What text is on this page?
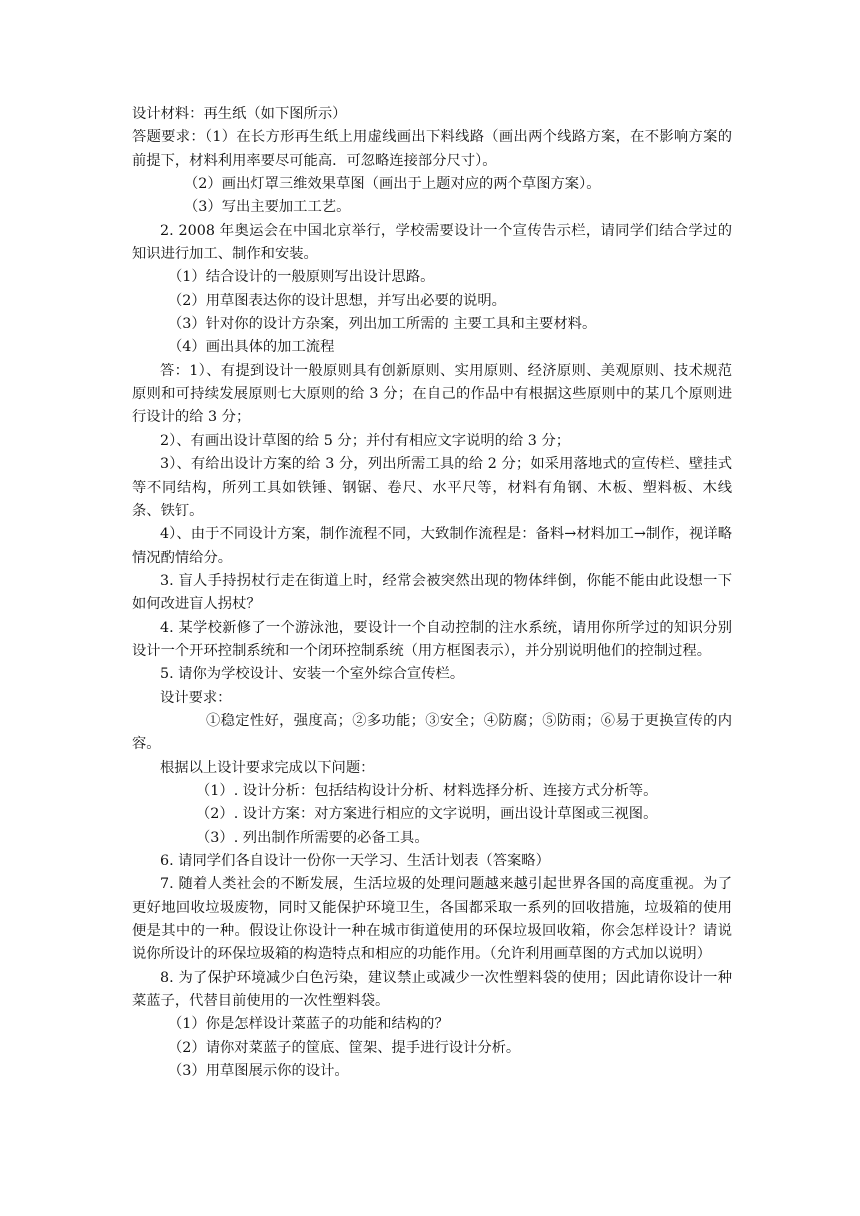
设计材料：再生纸（如下图所示）

答题要求：（1）在长方形再生纸上用虚线画出下料线路（画出两个线路方案，在不影响方案的前提下，材料利用率要尽可能高．可忽略连接部分尺寸）。

（2）画出灯罩三维效果草图（画出于上题对应的两个草图方案）。

（3）写出主要加工工艺。

2. 2008 年奥运会在中国北京举行，学校需要设计一个宣传告示栏，请同学们结合学过的知识进行加工、制作和安装。

（1）结合设计的一般原则写出设计思路。

（2）用草图表达你的设计思想，并写出必要的说明。

（3）针对你的设计方杂案，列出加工所需的 主要工具和主要材料。

（4）画出具体的加工流程

答：1）、有提到设计一般原则具有创新原则、实用原则、经济原则、美观原则、技术规范原则和可持续发展原则七大原则的给 3 分；在自己的作品中有根据这些原则中的某几个原则进行设计的给 3 分；

2）、有画出设计草图的给 5 分；并付有相应文字说明的给 3 分；

3）、有给出设计方案的给 3 分，列出所需工具的给 2 分；如采用落地式的宣传栏、壁挂式等不同结构，所列工具如铁锤、钢锯、卷尺、水平尺等，材料有角钢、木板、塑料板、木线条、铁钉。

4）、由于不同设计方案，制作流程不同，大致制作流程是：备料→材料加工→制作，视详略情况酌情给分。

3. 盲人手持拐杖行走在街道上时，经常会被突然出现的物体绊倒，你能不能由此设想一下如何改进盲人拐杖？

4. 某学校新修了一个游泳池，要设计一个自动控制的注水系统，请用你所学过的知识分别设计一个开环控制系统和一个闭环控制系统（用方框图表示），并分别说明他们的控制过程。

5. 请你为学校设计、安装一个室外综合宣传栏。

设计要求：

①稳定性好，强度高；②多功能；③安全；④防腐；⑤防雨；⑥易于更换宣传的内容。

根据以上设计要求完成以下问题：

（1）. 设计分析：包括结构设计分析、材料选择分析、连接方式分析等。

（2）. 设计方案：对方案进行相应的文字说明，画出设计草图或三视图。

（3）. 列出制作所需要的必备工具。

6. 请同学们各自设计一份你一天学习、生活计划表（答案略）

7. 随着人类社会的不断发展，生活垃圾的处理问题越来越引起世界各国的高度重视。为了更好地回收垃圾废物，同时又能保护环境卫生，各国都采取一系列的回收措施，垃圾箱的使用便是其中的一种。假设让你设计一种在城市街道使用的环保垃圾回收箱，你会怎样设计？请说说你所设计的环保垃圾箱的构造特点和相应的功能作用。（允许利用画草图的方式加以说明）

8. 为了保护环境减少白色污染，建议禁止或减少一次性塑料袋的使用；因此请你设计一种菜蓝子，代替目前使用的一次性塑料袋。

（1）你是怎样设计菜蓝子的功能和结构的？

（2）请你对菜蓝子的筐底、筐架、提手进行设计分析。

（3）用草图展示你的设计。
